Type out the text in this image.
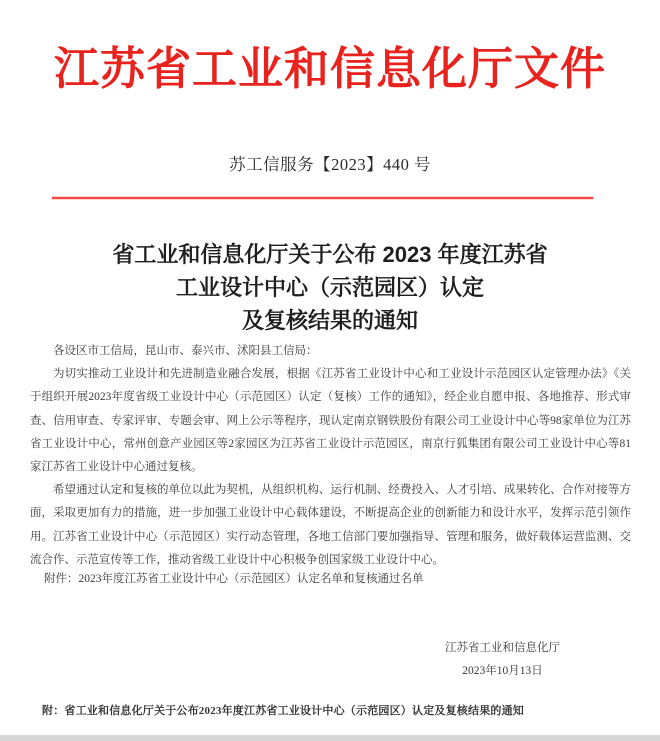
江苏省工业和信息化厅文件
苏工信服务【2023】440 号
省工业和信息化厅关于公布 2023 年度江苏省
工业设计中心（示范园区）认定
及复核结果的通知

各设区市工信局，昆山市、泰兴市、沭阳县工信局：

为切实推动工业设计和先进制造业融合发展，根据《江苏省工业设计中心和工业设计示范园区认定管理办法》《关于组织开展2023年度省级工业设计中心（示范园区）认定（复核）工作的通知》，经企业自愿申报、各地推荐、形式审查、信用审查、专家评审、专题会审、网上公示等程序，现认定南京钢铁股份有限公司工业设计中心等98家单位为江苏省工业设计中心，常州创意产业园区等2家园区为江苏省工业设计示范园区，南京行狐集团有限公司工业设计中心等81家江苏省工业设计中心通过复核。

希望通过认定和复核的单位以此为契机，从组织机构、运行机制、经费投入、人才引培、成果转化、合作对接等方面，采取更加有力的措施，进一步加强工业设计中心载体建设，不断提高企业的创新能力和设计水平，发挥示范引领作用。江苏省工业设计中心（示范园区）实行动态管理，各地工信部门要加强指导、管理和服务，做好载体运营监测、交流合作、示范宣传等工作，推动省级工业设计中心积极争创国家级工业设计中心。

附件：2023年度江苏省工业设计中心（示范园区）认定名单和复核通过名单
江苏省工业和信息化厅
2023年10月13日
附：省工业和信息化厅关于公布2023年度江苏省工业设计中心（示范园区）认定及复核结果的通知
